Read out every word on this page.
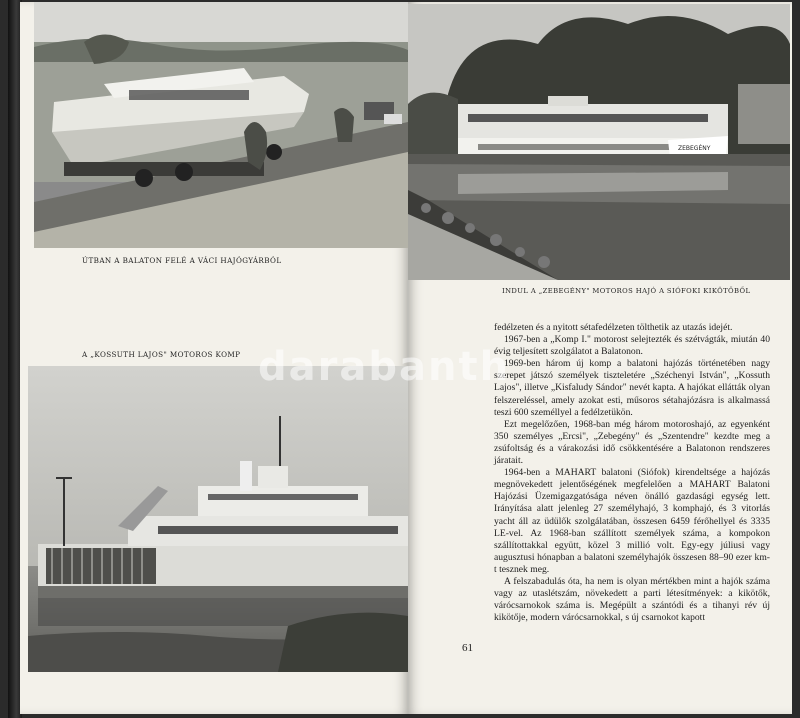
ÚTBAN A BALATON FELÉ A VÁCI HAJÓGYÁRBÓL
A „KOSSUTH LAJOS" MOTOROS KOMP
ZEBEGÉNY
INDUL A „ZEBEGÉNY" MOTOROS HAJÓ A SIÓFOKI KIKÖTŐBŐL

fedélzeten és a nyitott sétafedélzeten tölthetik az utazás idejét.

1967-ben a „Komp I." motorost selejtezték és szétvágták, miután 40 évig teljesített szolgálatot a Balatonon.

1969-ben három új komp a balatoni hajózás történetében nagy szerepet játszó személyek tiszteletére „Széchenyi István", „Kossuth Lajos", illetve „Kisfaludy Sándor" nevét kapta. A hajókat ellátták olyan felszereléssel, amely azokat esti, műsoros sétahajózásra is alkalmassá teszi 600 személlyel a fedélzetükön.

Ezt megelőzően, 1968-ban még három motoroshajó, az egyenként 350 személyes „Ercsi", „Zebegény" és „Szentendre" kezdte meg a zsúfoltság és a várakozási idő csökkentésére a Balatonon rendszeres járatait.

1964-ben a MAHART balatoni (Siófok) kirendeltsége a hajózás megnövekedett jelentőségének megfelelően a MAHART Balatoni Hajózási Üzemigazgatósága néven önálló gazdasági egység lett. Irányítása alatt jelenleg 27 személyhajó, 3 komphajó, és 3 vitorlás yacht áll az üdülők szolgálatában, összesen 6459 férőhellyel és 3335 LE-vel. Az 1968-ban szállított személyek száma, a kompokon szállítottakkal együtt, közel 3 millió volt. Egy-egy júliusi vagy augusztusi hónapban a balatoni személyhajók összesen 88–90 ezer km-t tesznek meg.

A felszabadulás óta, ha nem is olyan mértékben mint a hajók száma vagy az utaslétszám, növekedett a parti létesítmények: a kikötők, várócsarnokok száma is. Megépült a szántódi és a tihanyi rév új kikötője, modern várócsarnokkal, s új csarnokot kapott

61
darabanth
